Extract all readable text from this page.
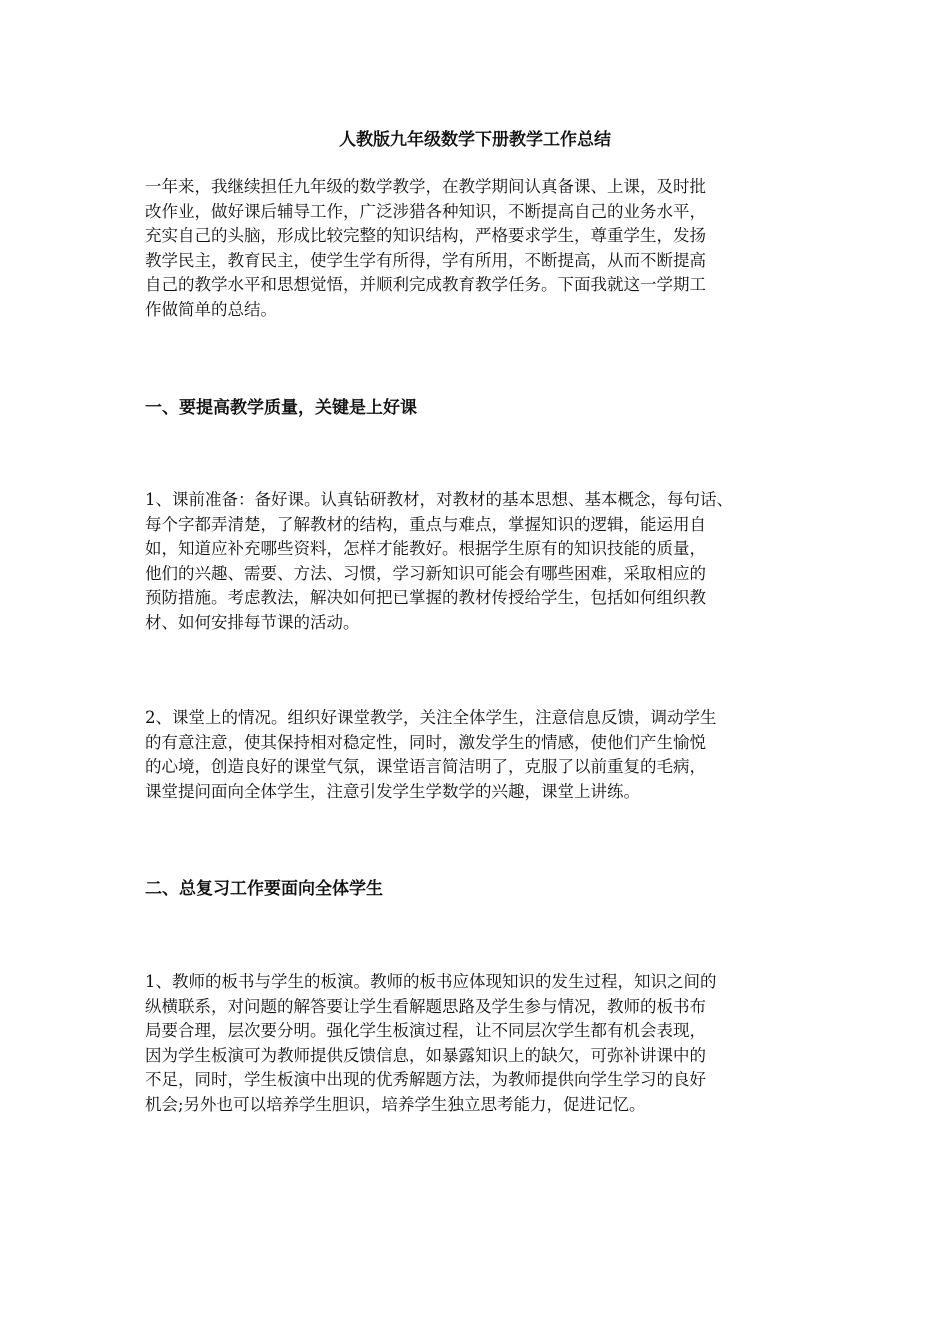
人教版九年级数学下册教学工作总结
一年来，我继续担任九年级的数学教学，在教学期间认真备课、上课，及时批
改作业，做好课后辅导工作，广泛涉猎各种知识，不断提高自己的业务水平，
充实自己的头脑，形成比较完整的知识结构，严格要求学生，尊重学生，发扬
教学民主，教育民主，使学生学有所得，学有所用，不断提高，从而不断提高
自己的教学水平和思想觉悟，并顺利完成教育教学任务。下面我就这一学期工
作做简单的总结。
一、要提高教学质量，关键是上好课
1、课前准备：备好课。认真钻研教材，对教材的基本思想、基本概念，每句话、
每个字都弄清楚，了解教材的结构，重点与难点，掌握知识的逻辑，能运用自
如，知道应补充哪些资料，怎样才能教好。根据学生原有的知识技能的质量，
他们的兴趣、需要、方法、习惯，学习新知识可能会有哪些困难，采取相应的
预防措施。考虑教法，解决如何把已掌握的教材传授给学生，包括如何组织教
材、如何安排每节课的活动。
2、课堂上的情况。组织好课堂教学，关注全体学生，注意信息反馈，调动学生
的有意注意，使其保持相对稳定性，同时，激发学生的情感，使他们产生愉悦
的心境，创造良好的课堂气氛，课堂语言简洁明了，克服了以前重复的毛病，
课堂提问面向全体学生，注意引发学生学数学的兴趣，课堂上讲练。
二、总复习工作要面向全体学生
1、教师的板书与学生的板演。教师的板书应体现知识的发生过程，知识之间的
纵横联系，对问题的解答要让学生看解题思路及学生参与情况，教师的板书布
局要合理，层次要分明。强化学生板演过程，让不同层次学生都有机会表现，
因为学生板演可为教师提供反馈信息，如暴露知识上的缺欠，可弥补讲课中的
不足，同时，学生板演中出现的优秀解题方法，为教师提供向学生学习的良好
机会;另外也可以培养学生胆识，培养学生独立思考能力，促进记忆。
